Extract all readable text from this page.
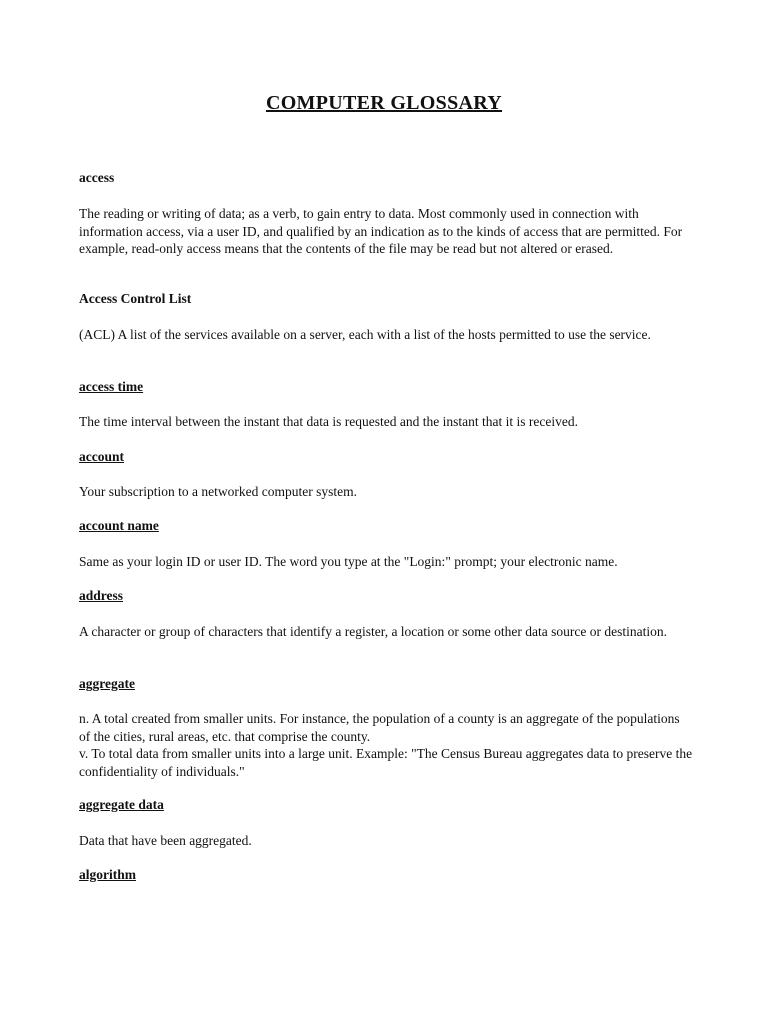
COMPUTER GLOSSARY
access

The reading or writing of data; as a verb, to gain entry to data. Most commonly used in connection with information access, via a user ID, and qualified by an indication as to the kinds of access that are permitted. For example, read-only access means that the contents of the file may be read but not altered or erased.

Access Control List

(ACL) A list of the services available on a server, each with a list of the hosts permitted to use the service.

access time

The time interval between the instant that data is requested and the instant that it is received.

account

Your subscription to a networked computer system.

account name

Same as your login ID or user ID. The word you type at the "Login:" prompt; your electronic name.

address

A character or group of characters that identify a register, a location or some other data source or destination.

aggregate

n. A total created from smaller units. For instance, the population of a county is an aggregate of the populations of the cities, rural areas, etc. that comprise the county.

v. To total data from smaller units into a large unit. Example: "The Census Bureau aggregates data to preserve the confidentiality of individuals."

aggregate data

Data that have been aggregated.

algorithm
